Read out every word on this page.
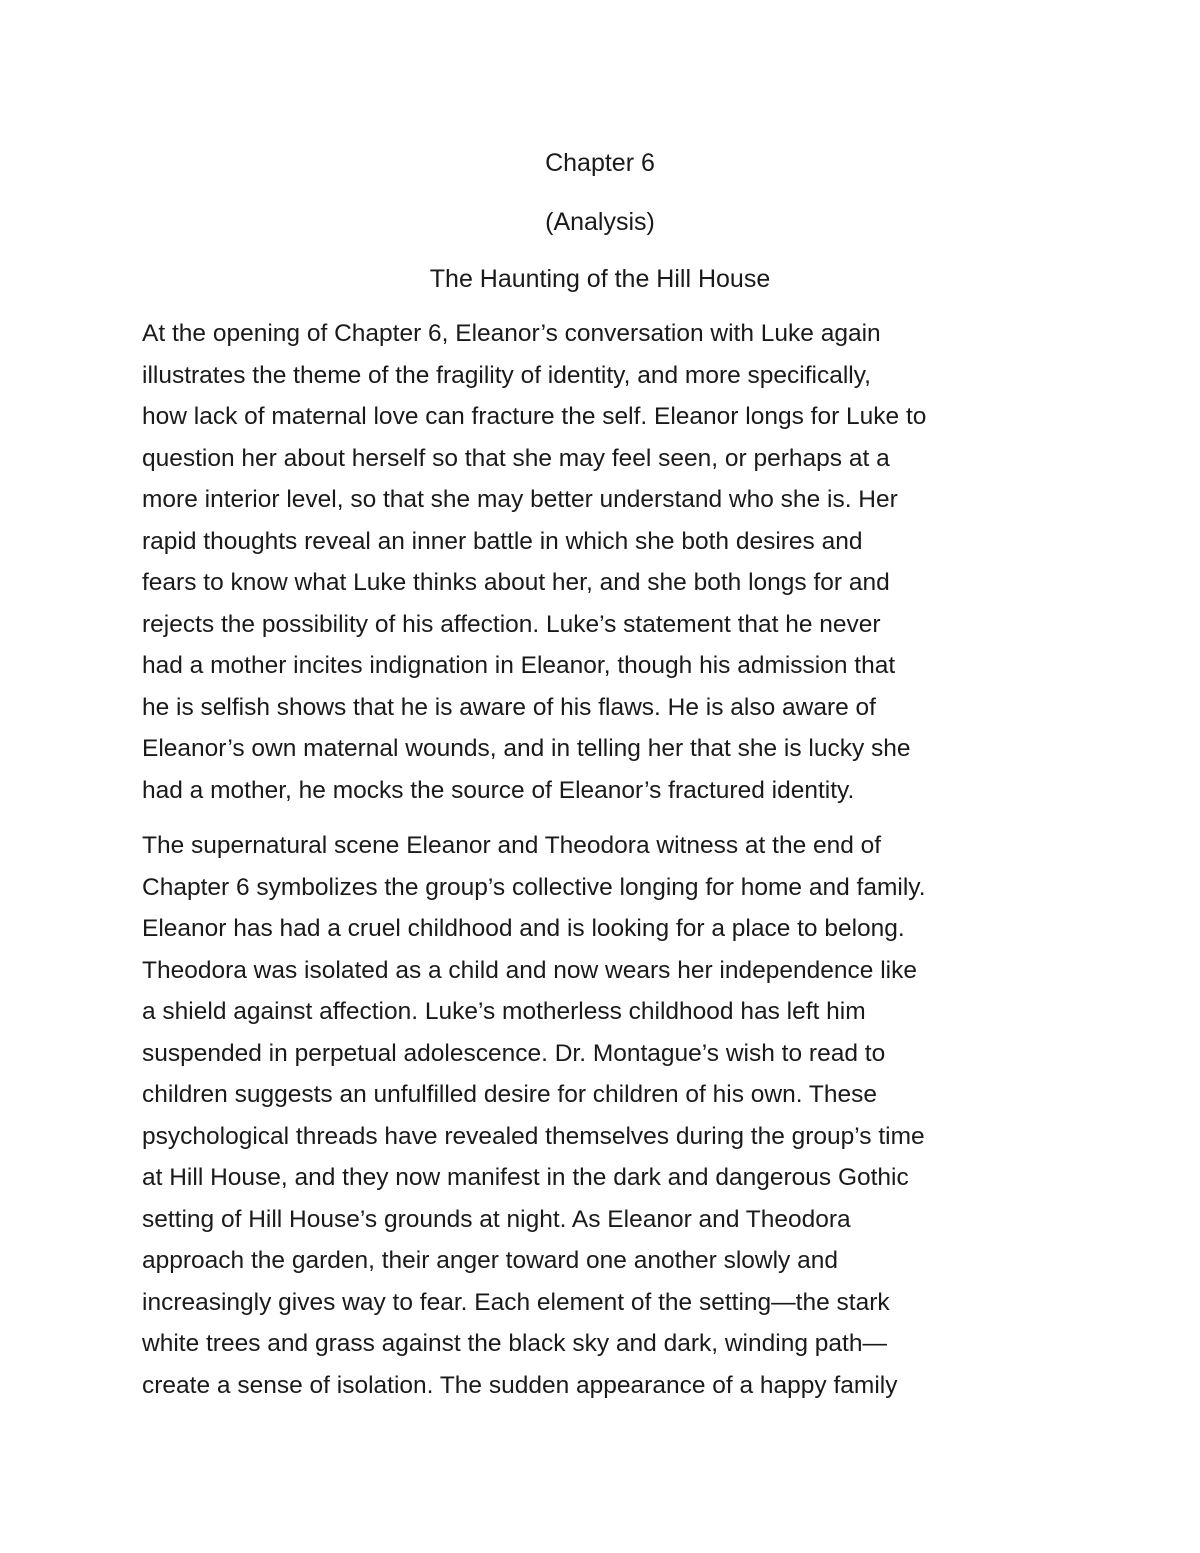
Chapter 6
(Analysis)
The Haunting of the Hill House

At the opening of Chapter 6, Eleanor’s conversation with Luke again
illustrates the theme of the fragility of identity, and more specifically,
how lack of maternal love can fracture the self. Eleanor longs for Luke to
question her about herself so that she may feel seen, or perhaps at a
more interior level, so that she may better understand who she is. Her
rapid thoughts reveal an inner battle in which she both desires and
fears to know what Luke thinks about her, and she both longs for and
rejects the possibility of his affection. Luke’s statement that he never
had a mother incites indignation in Eleanor, though his admission that
he is selfish shows that he is aware of his flaws. He is also aware of
Eleanor’s own maternal wounds, and in telling her that she is lucky she
had a mother, he mocks the source of Eleanor’s fractured identity.

The supernatural scene Eleanor and Theodora witness at the end of
Chapter 6 symbolizes the group’s collective longing for home and family.
Eleanor has had a cruel childhood and is looking for a place to belong.
Theodora was isolated as a child and now wears her independence like
a shield against affection. Luke’s motherless childhood has left him
suspended in perpetual adolescence. Dr. Montague’s wish to read to
children suggests an unfulfilled desire for children of his own. These
psychological threads have revealed themselves during the group’s time
at Hill House, and they now manifest in the dark and dangerous Gothic
setting of Hill House’s grounds at night. As Eleanor and Theodora
approach the garden, their anger toward one another slowly and
increasingly gives way to fear. Each element of the setting—the stark
white trees and grass against the black sky and dark, winding path—
create a sense of isolation. The sudden appearance of a happy family
